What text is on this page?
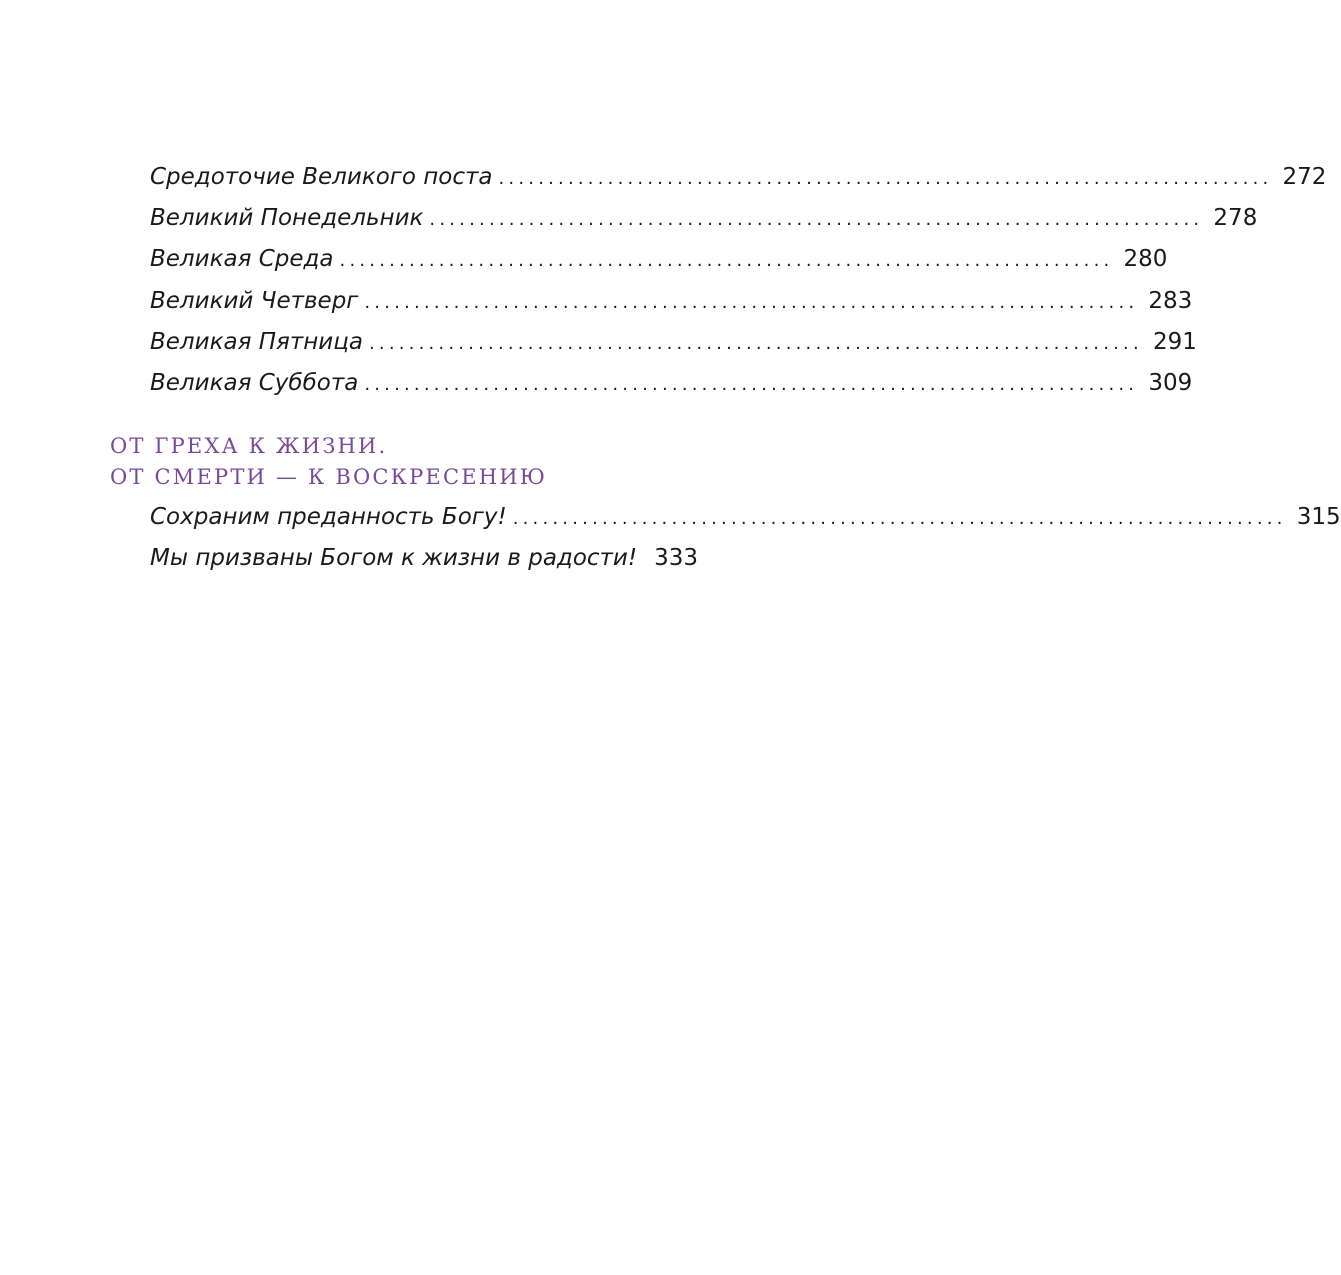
Средоточие Великого поста .............................................................................. 272
Великий Понедельник .............................................................................. 278
Великая Среда .............................................................................. 280
Великий Четверг .............................................................................. 283
Великая Пятница .............................................................................. 291
Великая Суббота .............................................................................. 309
ОТ ГРЕХА К ЖИЗНИ.
ОТ СМЕРТИ — К ВОСКРЕСЕНИЮ
Сохраним преданность Богу! .............................................................................. 315
Мы призваны Богом к жизни в радости! 333
